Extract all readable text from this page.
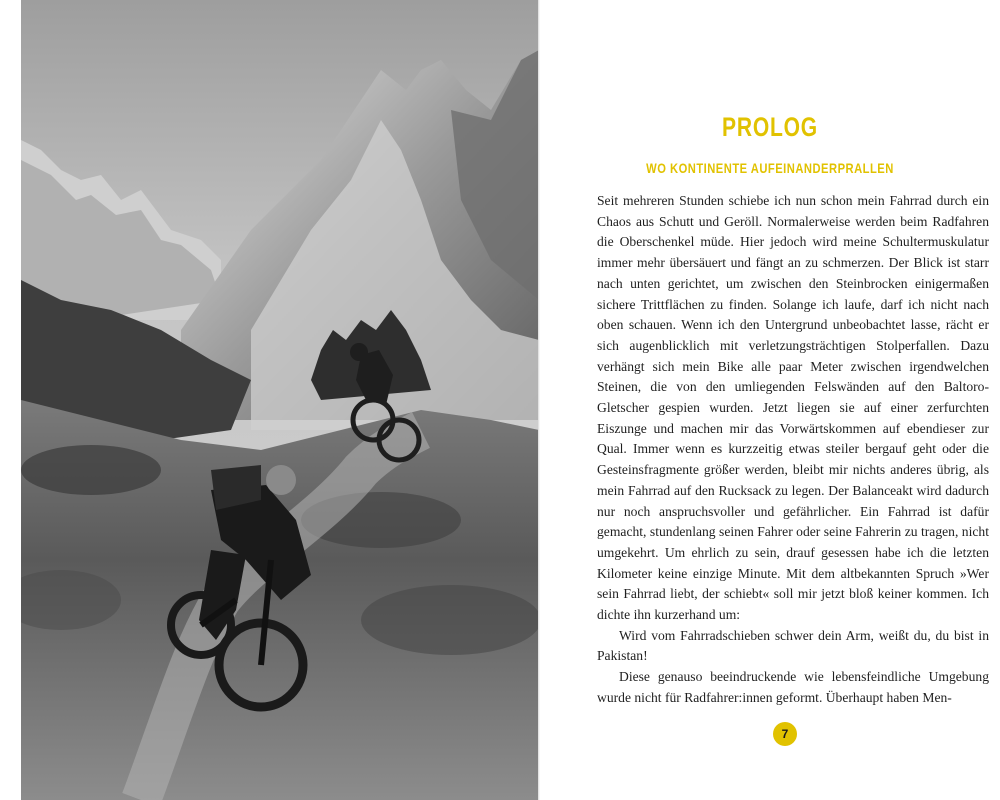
PROLOG
WO KONTINENTE AUFEINANDERPRALLEN

Seit mehreren Stunden schiebe ich nun schon mein Fahrrad durch ein Chaos aus Schutt und Geröll. Normalerweise werden beim Radfahren die Oberschenkel müde. Hier jedoch wird meine Schultermuskulatur immer mehr übersäuert und fängt an zu schmerzen. Der Blick ist starr nach unten gerichtet, um zwischen den Steinbrocken einigermaßen sichere Trittflächen zu finden. Solange ich laufe, darf ich nicht nach oben schauen. Wenn ich den Untergrund unbeobachtet lasse, rächt er sich augenblicklich mit verletzungsträchtigen Stolperfallen. Dazu verhängt sich mein Bike alle paar Meter zwischen irgendwelchen Steinen, die von den umliegenden Felswänden auf den Baltoro-Gletscher gespien wurden. Jetzt liegen sie auf einer zerfurchten Eiszunge und machen mir das Vorwärtskommen auf ebendieser zur Qual. Immer wenn es kurzzeitig etwas steiler bergauf geht oder die Gesteinsfragmente größer werden, bleibt mir nichts anderes übrig, als mein Fahrrad auf den Rucksack zu legen. Der Balanceakt wird dadurch nur noch anspruchsvoller und gefährlicher. Ein Fahrrad ist dafür gemacht, stundenlang seinen Fahrer oder seine Fahrerin zu tragen, nicht umgekehrt. Um ehrlich zu sein, drauf gesessen habe ich die letzten Kilometer keine einzige Minute. Mit dem altbekannten Spruch »Wer sein Fahrrad liebt, der schiebt« soll mir jetzt bloß keiner kommen. Ich dichte ihn kurzerhand um:

Wird vom Fahrradschieben schwer dein Arm, weißt du, du bist in Pakistan!

Diese genauso beeindruckende wie lebensfeindliche Umgebung wurde nicht für Radfahrer:innen geformt. Überhaupt haben Men-

7
